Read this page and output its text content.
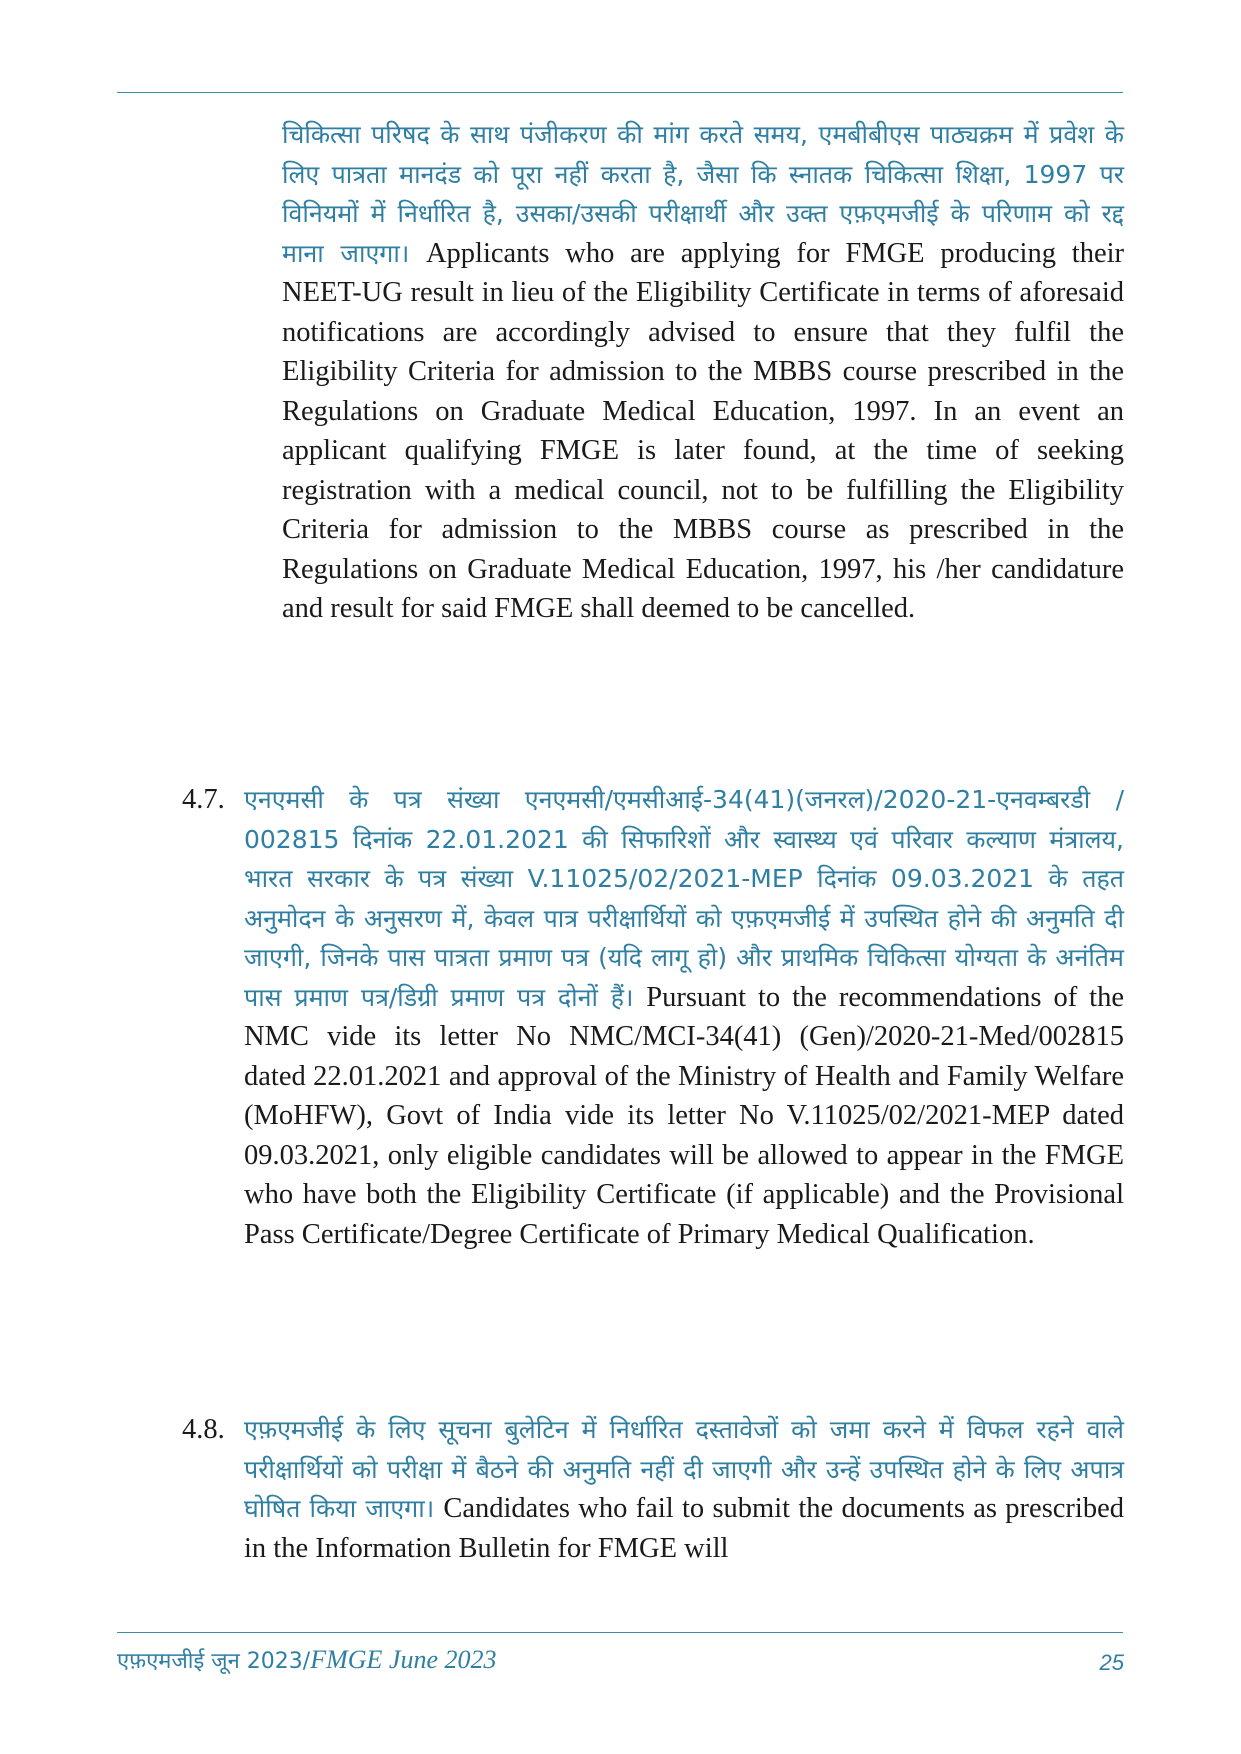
चिकित्सा परिषद के साथ पंजीकरण की मांग करते समय, एमबीबीएस पाठ्यक्रम में प्रवेश के लिए पात्रता मानदंड को पूरा नहीं करता है, जैसा कि स्नातक चिकित्सा शिक्षा, 1997 पर विनियमों में निर्धारित है, उसका/उसकी परीक्षार्थी और उक्त एफ़एमजीई के परिणाम को रद्द माना जाएगा। Applicants who are applying for FMGE producing their NEET-UG result in lieu of the Eligibility Certificate in terms of aforesaid notifications are accordingly advised to ensure that they fulfil the Eligibility Criteria for admission to the MBBS course prescribed in the Regulations on Graduate Medical Education, 1997. In an event an applicant qualifying FMGE is later found, at the time of seeking registration with a medical council, not to be fulfilling the Eligibility Criteria for admission to the MBBS course as prescribed in the Regulations on Graduate Medical Education, 1997, his /her candidature and result for said FMGE shall deemed to be cancelled.
4.7. एनएमसी के पत्र संख्या एनएमसी/एमसीआई-34(41)(जनरल)/2020-21-एनवम्बरडी / 002815 दिनांक 22.01.2021 की सिफारिशों और स्वास्थ्य एवं परिवार कल्याण मंत्रालय, भारत सरकार के पत्र संख्या V.11025/02/2021-MEP दिनांक 09.03.2021 के तहत अनुमोदन के अनुसरण में, केवल पात्र परीक्षार्थियों को एफ़एमजीई में उपस्थित होने की अनुमति दी जाएगी, जिनके पास पात्रता प्रमाण पत्र (यदि लागू हो) और प्राथमिक चिकित्सा योग्यता के अनंतिम पास प्रमाण पत्र/डिग्री प्रमाण पत्र दोनों हैं। Pursuant to the recommendations of the NMC vide its letter No NMC/MCI-34(41) (Gen)/2020-21-Med/002815 dated 22.01.2021 and approval of the Ministry of Health and Family Welfare (MoHFW), Govt of India vide its letter No V.11025/02/2021-MEP dated 09.03.2021, only eligible candidates will be allowed to appear in the FMGE who have both the Eligibility Certificate (if applicable) and the Provisional Pass Certificate/Degree Certificate of Primary Medical Qualification.
4.8. एफ़एमजीई के लिए सूचना बुलेटिन में निर्धारित दस्तावेजों को जमा करने में विफल रहने वाले परीक्षार्थियों को परीक्षा में बैठने की अनुमति नहीं दी जाएगी और उन्हें उपस्थित होने के लिए अपात्र घोषित किया जाएगा। Candidates who fail to submit the documents as prescribed in the Information Bulletin for FMGE will
एफ़एमजीई जून 2023/FMGE June 2023	25
